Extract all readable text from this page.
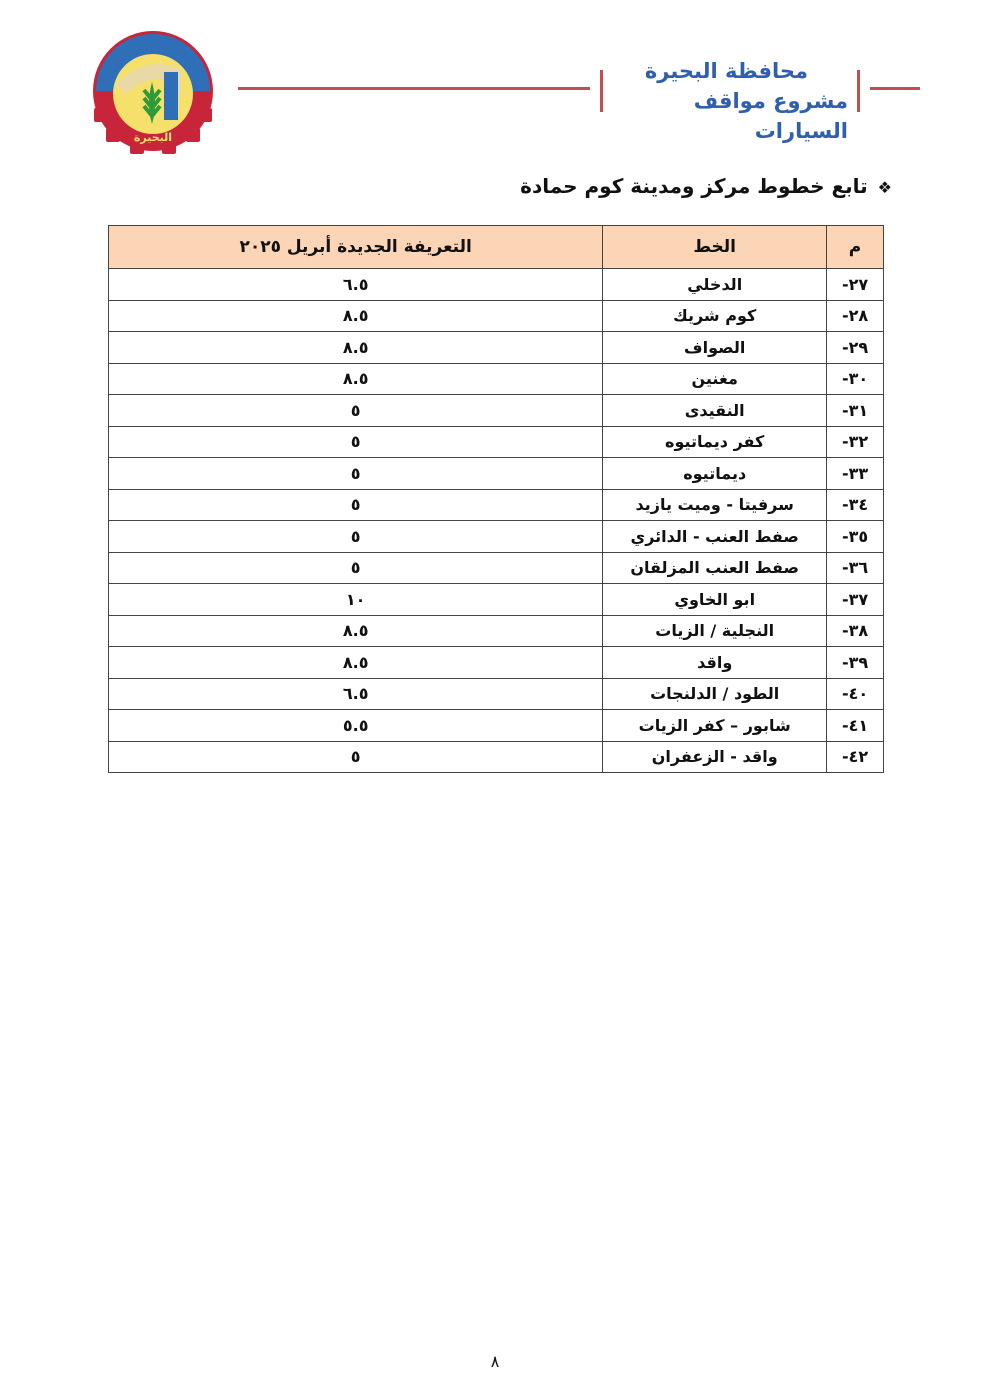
البحيرة
محافظة البحيرة
مشروع مواقف السيارات
❖تابع خطوط مركز ومدينة كوم حمادة
م	الخط	التعريفة الجديدة أبريل ٢٠٢٥
٢٧-	الدخلي	٦.٥
٢٨-	كوم شريك	٨.٥
٢٩-	الصواف	٨.٥
٣٠-	مغنين	٨.٥
٣١-	النقيدى	٥
٣٢-	كفر ديماتيوه	٥
٣٣-	ديماتيوه	٥
٣٤-	سرفيتا - وميت يازيد	٥
٣٥-	صفط العنب - الدائري	٥
٣٦-	صفط العنب المزلقان	٥
٣٧-	ابو الخاوي	١٠
٣٨-	النجلية / الزيات	٨.٥
٣٩-	واقد	٨.٥
٤٠-	الطود / الدلنجات	٦.٥
٤١-	شابور – كفر الزيات	٥.٥
٤٢-	واقد - الزعفران	٥
٨
